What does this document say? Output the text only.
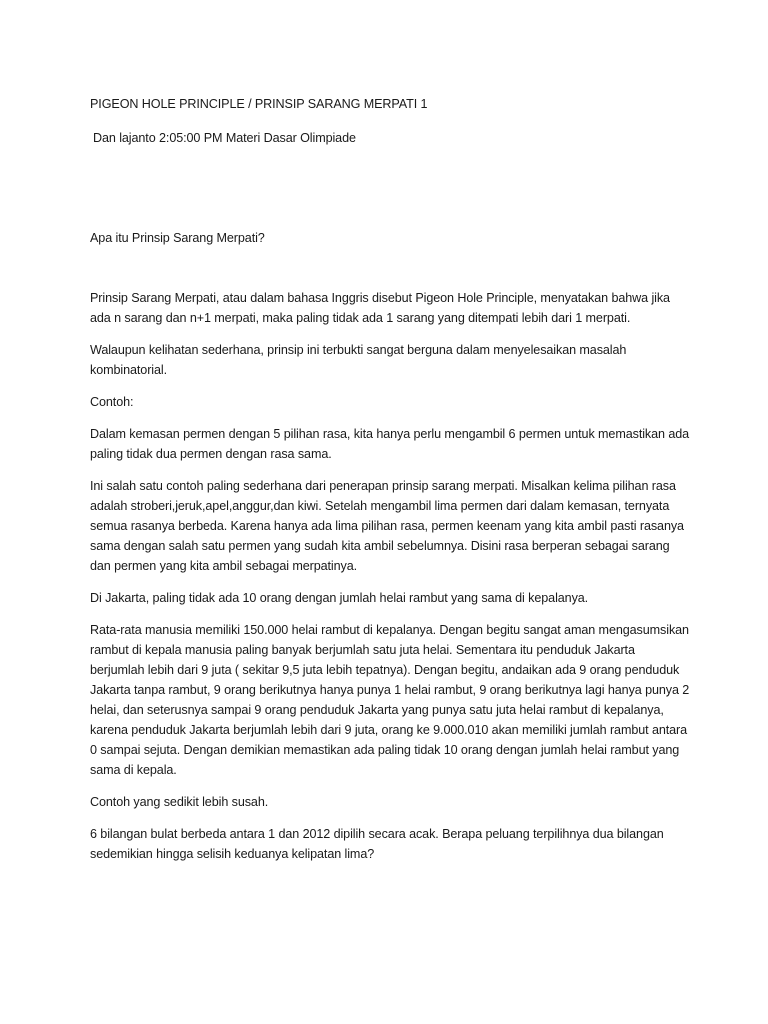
PIGEON HOLE PRINCIPLE / PRINSIP SARANG MERPATI 1

Dan lajanto 2:05:00 PM Materi Dasar Olimpiade

Apa itu Prinsip Sarang Merpati?

Prinsip Sarang Merpati, atau dalam bahasa Inggris disebut Pigeon Hole Principle, menyatakan bahwa jika ada n sarang dan n+1 merpati, maka paling tidak ada 1 sarang yang ditempati lebih dari 1 merpati.

Walaupun kelihatan sederhana, prinsip ini terbukti sangat berguna dalam menyelesaikan masalah kombinatorial.

Contoh:

Dalam kemasan permen dengan 5 pilihan rasa, kita hanya perlu mengambil 6 permen untuk memastikan ada paling tidak dua permen dengan rasa sama.

Ini salah satu contoh paling sederhana dari penerapan prinsip sarang merpati. Misalkan kelima pilihan rasa adalah stroberi,jeruk,apel,anggur,dan kiwi. Setelah mengambil lima permen dari dalam kemasan, ternyata semua rasanya berbeda. Karena hanya ada lima pilihan rasa, permen keenam yang kita ambil pasti rasanya sama dengan salah satu permen yang sudah kita ambil sebelumnya. Disini rasa berperan sebagai sarang dan permen yang kita ambil sebagai merpatinya.

Di Jakarta, paling tidak ada 10 orang dengan jumlah helai rambut yang sama di kepalanya.

Rata-rata manusia memiliki 150.000 helai rambut di kepalanya. Dengan begitu sangat aman mengasumsikan rambut di kepala manusia paling banyak berjumlah satu juta helai. Sementara itu penduduk Jakarta berjumlah lebih dari 9 juta ( sekitar 9,5 juta lebih tepatnya). Dengan begitu, andaikan ada 9 orang penduduk Jakarta tanpa rambut, 9 orang berikutnya hanya punya 1 helai rambut, 9 orang berikutnya lagi hanya punya 2 helai, dan seterusnya sampai 9 orang penduduk Jakarta yang punya satu juta helai rambut di kepalanya, karena penduduk Jakarta berjumlah lebih dari 9 juta, orang ke 9.000.010 akan memiliki jumlah rambut antara 0 sampai sejuta. Dengan demikian memastikan ada paling tidak 10 orang dengan jumlah helai rambut yang sama di kepala.

Contoh yang sedikit lebih susah.

6 bilangan bulat berbeda antara 1 dan 2012 dipilih secara acak. Berapa peluang terpilihnya dua bilangan sedemikian hingga selisih keduanya kelipatan lima?
